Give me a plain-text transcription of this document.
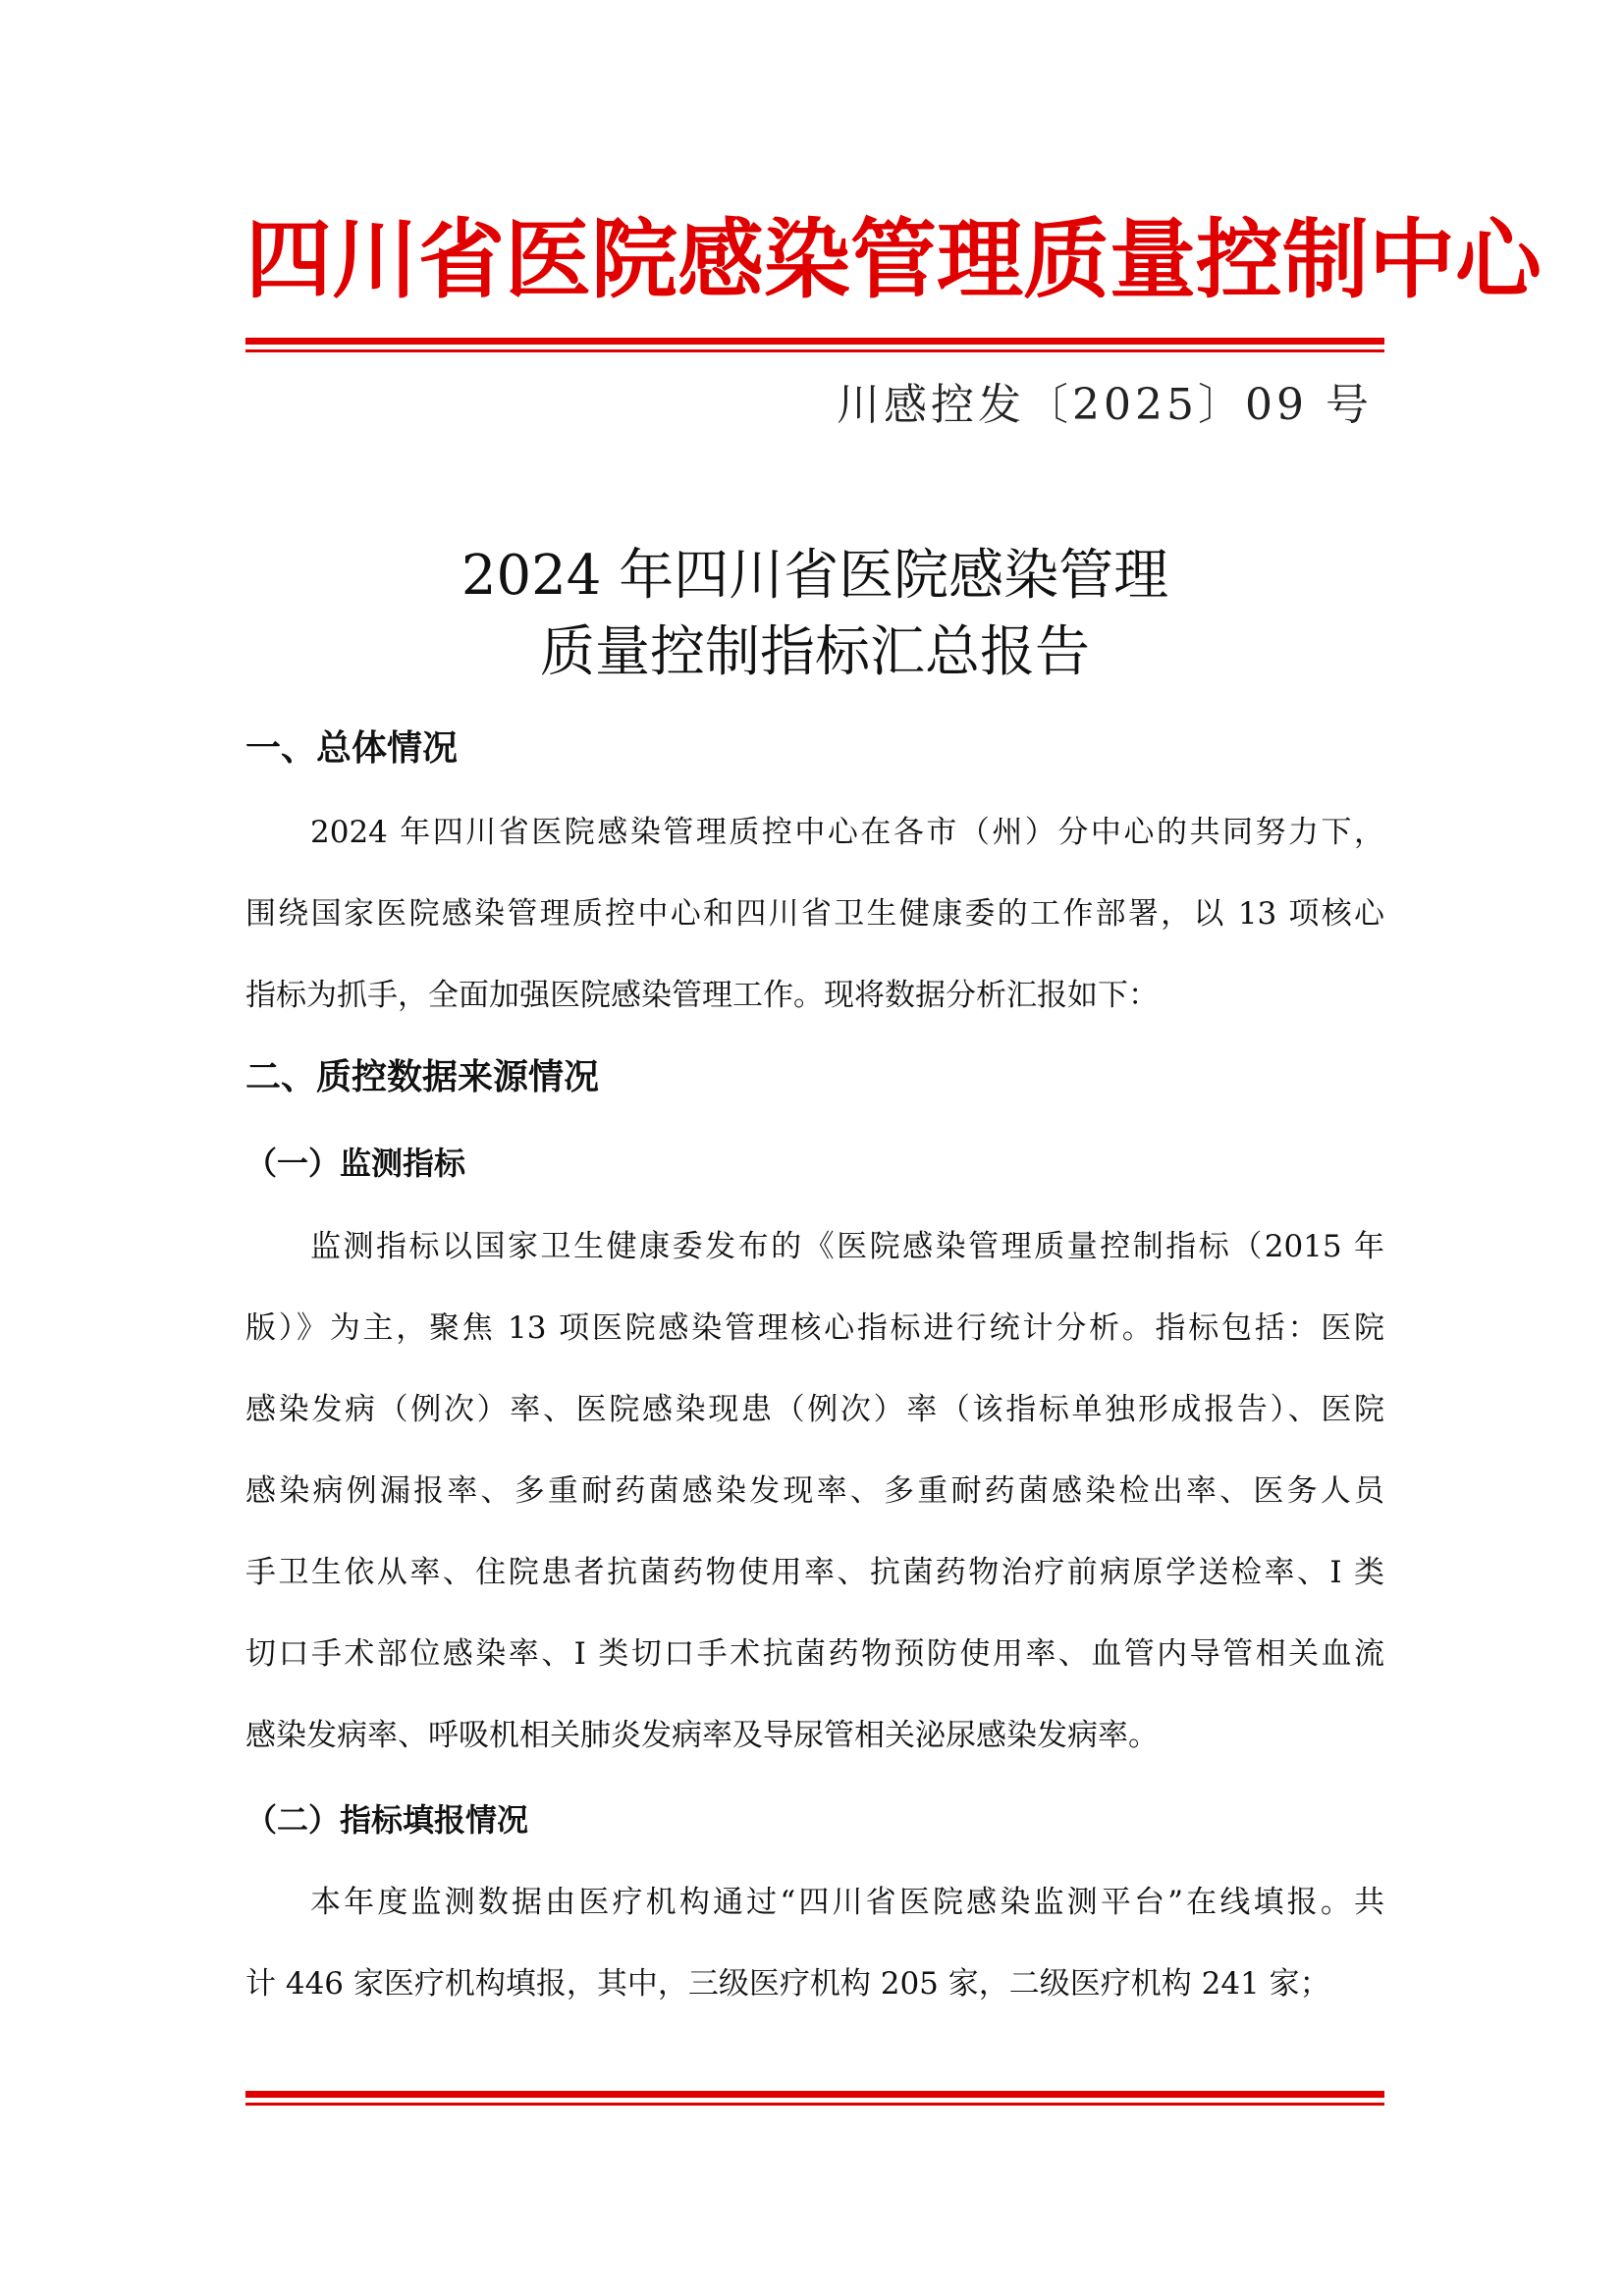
四川省医院感染管理质量控制中心
川感控发〔2025〕09 号
2024 年四川省医院感染管理
质量控制指标汇总报告
一、总体情况
2024 年四川省医院感染管理质控中心在各市（州）分中心的共同努力下，
围绕国家医院感染管理质控中心和四川省卫生健康委的工作部署，以 13 项核心
指标为抓手，全面加强医院感染管理工作。现将数据分析汇报如下：
二、质控数据来源情况
（一）监测指标
监测指标以国家卫生健康委发布的《医院感染管理质量控制指标（2015 年
版）》为主，聚焦 13 项医院感染管理核心指标进行统计分析。指标包括：医院
感染发病（例次）率、医院感染现患（例次）率（该指标单独形成报告）、医院
感染病例漏报率、多重耐药菌感染发现率、多重耐药菌感染检出率、医务人员
手卫生依从率、住院患者抗菌药物使用率、抗菌药物治疗前病原学送检率、I 类
切口手术部位感染率、I 类切口手术抗菌药物预防使用率、血管内导管相关血流
感染发病率、呼吸机相关肺炎发病率及导尿管相关泌尿感染发病率。
（二）指标填报情况
本年度监测数据由医疗机构通过“四川省医院感染监测平台”在线填报。共
计 446 家医疗机构填报，其中，三级医疗机构 205 家，二级医疗机构 241 家；
